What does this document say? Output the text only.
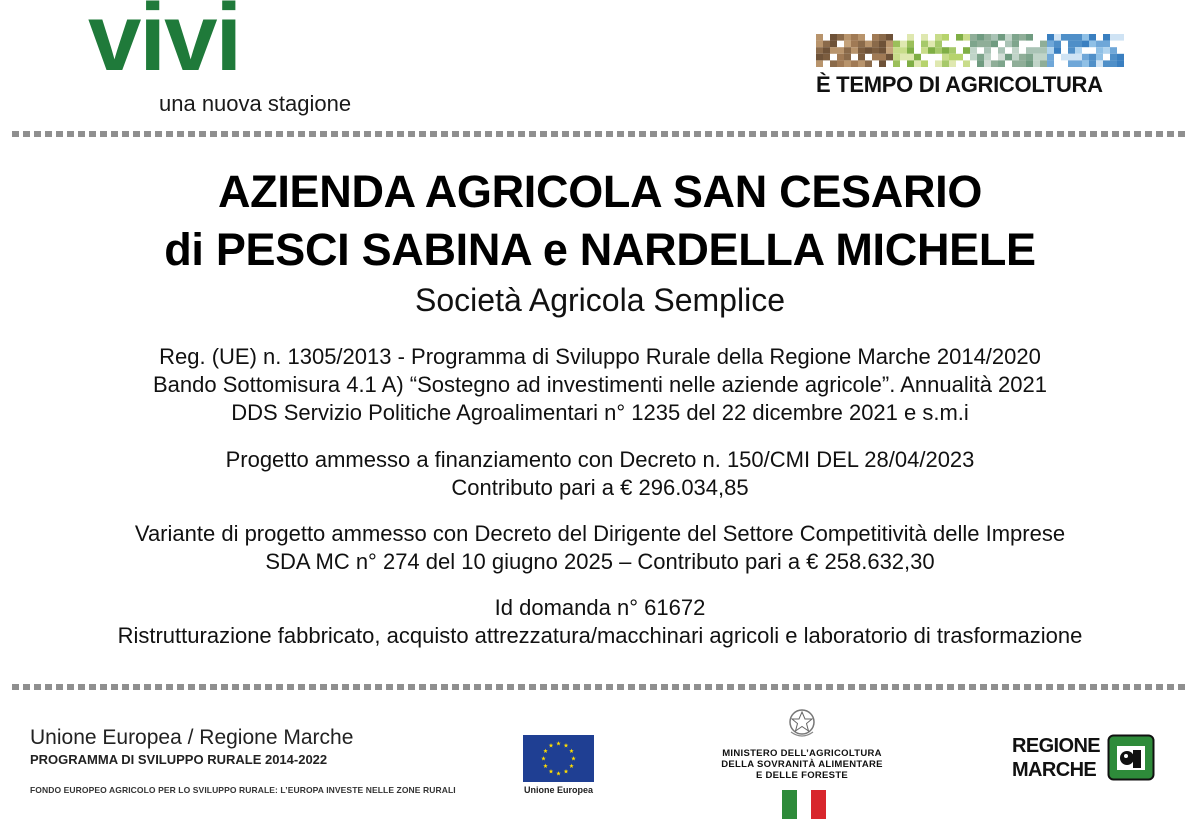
vivi
una nuova stagione
È TEMPO DI AGRICOLTURA
AZIENDA AGRICOLA SAN CESARIO
di PESCI SABINA e NARDELLA MICHELE
Società Agricola Semplice
Reg. (UE) n. 1305/2013 - Programma di Sviluppo Rurale della Regione Marche 2014/2020
Bando Sottomisura 4.1 A) “Sostegno ad investimenti nelle aziende agricole”. Annualità 2021
DDS Servizio Politiche Agroalimentari n° 1235 del 22 dicembre 2021 e s.m.i
Progetto ammesso a finanziamento con Decreto n. 150/CMI DEL 28/04/2023
Contributo pari a € 296.034,85
Variante di progetto ammesso con Decreto del Dirigente del Settore Competitività delle Imprese
SDA MC n° 274 del 10 giugno 2025 – Contributo pari a € 258.632,30
Id domanda n° 61672
Ristrutturazione fabbricato, acquisto attrezzatura/macchinari agricoli e laboratorio di trasformazione
Unione Europea / Regione Marche
PROGRAMMA DI SVILUPPO RURALE 2014-2022
FONDO EUROPEO AGRICOLO PER LO SVILUPPO RURALE: L’EUROPA INVESTE NELLE ZONE RURALI	Unione Europea
MINISTERO DELL’AGRICOLTURA
DELLA SOVRANITÀ ALIMENTARE
E DELLE FORESTE
REGIONE
MARCHE
